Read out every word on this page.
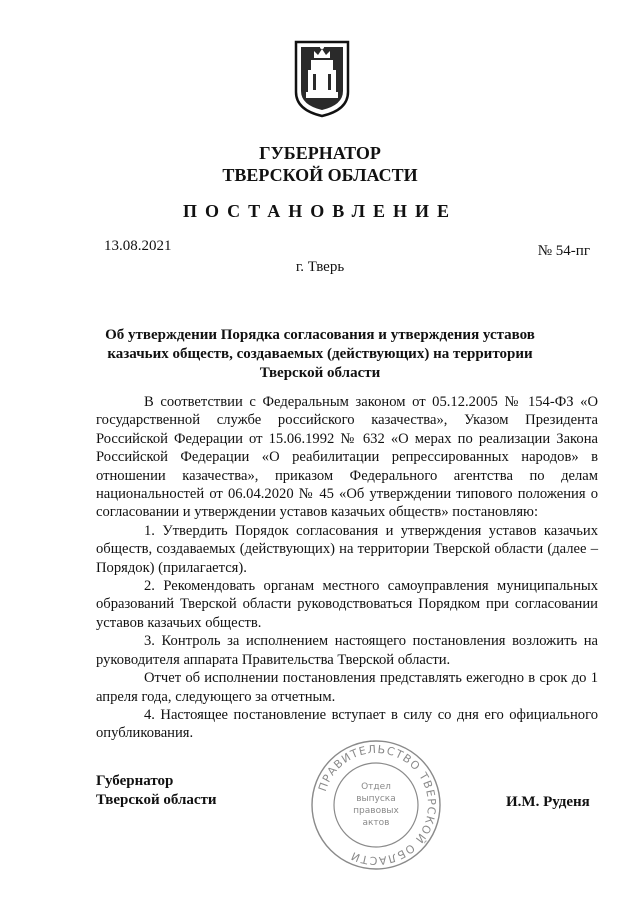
ГУБЕРНАТОР
ТВЕРСКОЙ ОБЛАСТИ
ПОСТАНОВЛЕНИЕ
13.08.2021	№ 54-пг
г. Тверь
Об утверждении Порядка согласования и утверждения уставов казачьих обществ, создаваемых (действующих) на территории Тверской области

В соответствии с Федеральным законом от 05.12.2005 № 154-ФЗ «О государственной службе российского казачества», Указом Президента Российской Федерации от 15.06.1992 № 632 «О мерах по реализации Закона Российской Федерации «О реабилитации репрессированных народов» в отношении казачества», приказом Федерального агентства по делам национальностей от 06.04.2020 № 45 «Об утверждении типового положения о согласовании и утверждении уставов казачьих обществ» постановляю:

1. Утвердить Порядок согласования и утверждения уставов казачьих обществ, создаваемых (действующих) на территории Тверской области (далее – Порядок) (прилагается).

2. Рекомендовать органам местного самоуправления муниципальных образований Тверской области руководствоваться Порядком при согласовании уставов казачьих обществ.

3. Контроль за исполнением настоящего постановления возложить на руководителя аппарата Правительства Тверской области.

Отчет об исполнении постановления представлять ежегодно в срок до 1 апреля года, следующего за отчетным.

4. Настоящее постановление вступает в силу со дня его официального опубликования.

ПРАВИТЕЛЬСТВО ТВЕРСКОЙ ОБЛАСТИ
Отдел
выпуска
правовых
актов
Губернатор
Тверской области	И.М. Руденя
